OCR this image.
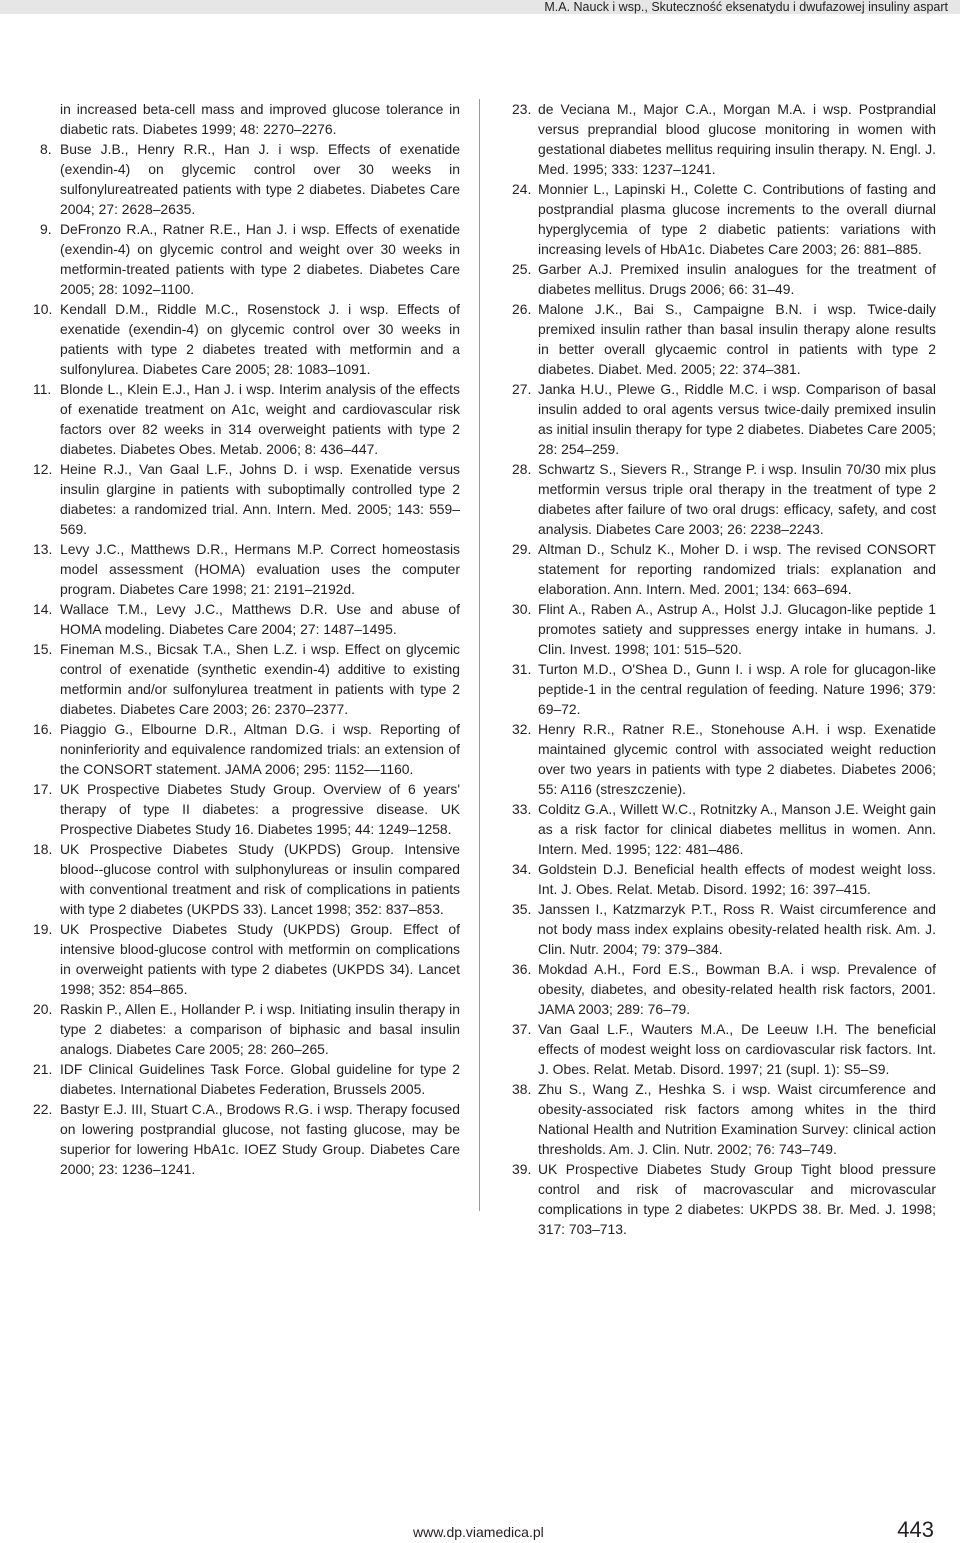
M.A. Nauck i wsp., Skuteczność eksenatydu i dwufazowej insuliny aspart

in increased beta-cell mass and improved glucose tolerance in diabetic rats. Diabetes 1999; 48: 2270–2276.

8. Buse J.B., Henry R.R., Han J. i wsp. Effects of exenatide (exendin-4) on glycemic control over 30 weeks in sulfonylureatreated patients with type 2 diabetes. Diabetes Care 2004; 27: 2628–2635.

9. DeFronzo R.A., Ratner R.E., Han J. i wsp. Effects of exenatide (exendin-4) on glycemic control and weight over 30 weeks in metformin-treated patients with type 2 diabetes. Diabetes Care 2005; 28: 1092–1100.

10. Kendall D.M., Riddle M.C., Rosenstock J. i wsp. Effects of exenatide (exendin-4) on glycemic control over 30 weeks in patients with type 2 diabetes treated with metformin and a sulfonylurea. Diabetes Care 2005; 28: 1083–1091.

11. Blonde L., Klein E.J., Han J. i wsp. Interim analysis of the effects of exenatide treatment on A1c, weight and cardiovascular risk factors over 82 weeks in 314 overweight patients with type 2 diabetes. Diabetes Obes. Metab. 2006; 8: 436–447.

12. Heine R.J., Van Gaal L.F., Johns D. i wsp. Exenatide versus insulin glargine in patients with suboptimally controlled type 2 diabetes: a randomized trial. Ann. Intern. Med. 2005; 143: 559–569.

13. Levy J.C., Matthews D.R., Hermans M.P. Correct homeostasis model assessment (HOMA) evaluation uses the computer program. Diabetes Care 1998; 21: 2191–2192d.

14. Wallace T.M., Levy J.C., Matthews D.R. Use and abuse of HOMA modeling. Diabetes Care 2004; 27: 1487–1495.

15. Fineman M.S., Bicsak T.A., Shen L.Z. i wsp. Effect on glycemic control of exenatide (synthetic exendin-4) additive to existing metformin and/or sulfonylurea treatment in patients with type 2 diabetes. Diabetes Care 2003; 26: 2370–2377.

16. Piaggio G., Elbourne D.R., Altman D.G. i wsp. Reporting of noninferiority and equivalence randomized trials: an extension of the CONSORT statement. JAMA 2006; 295: 1152––1160.

17. UK Prospective Diabetes Study Group. Overview of 6 years' therapy of type II diabetes: a progressive disease. UK Prospective Diabetes Study 16. Diabetes 1995; 44: 1249–1258.

18. UK Prospective Diabetes Study (UKPDS) Group. Intensive blood--glucose control with sulphonylureas or insulin compared with conventional treatment and risk of complications in patients with type 2 diabetes (UKPDS 33). Lancet 1998; 352: 837–853.

19. UK Prospective Diabetes Study (UKPDS) Group. Effect of intensive blood-glucose control with metformin on complications in overweight patients with type 2 diabetes (UKPDS 34). Lancet 1998; 352: 854–865.

20. Raskin P., Allen E., Hollander P. i wsp. Initiating insulin therapy in type 2 diabetes: a comparison of biphasic and basal insulin analogs. Diabetes Care 2005; 28: 260–265.

21. IDF Clinical Guidelines Task Force. Global guideline for type 2 diabetes. International Diabetes Federation, Brussels 2005.

22. Bastyr E.J. III, Stuart C.A., Brodows R.G. i wsp. Therapy focused on lowering postprandial glucose, not fasting glucose, may be superior for lowering HbA1c. IOEZ Study Group. Diabetes Care 2000; 23: 1236–1241.

23. de Veciana M., Major C.A., Morgan M.A. i wsp. Postprandial versus preprandial blood glucose monitoring in women with gestational diabetes mellitus requiring insulin therapy. N. Engl. J. Med. 1995; 333: 1237–1241.

24. Monnier L., Lapinski H., Colette C. Contributions of fasting and postprandial plasma glucose increments to the overall diurnal hyperglycemia of type 2 diabetic patients: variations with increasing levels of HbA1c. Diabetes Care 2003; 26: 881–885.

25. Garber A.J. Premixed insulin analogues for the treatment of diabetes mellitus. Drugs 2006; 66: 31–49.

26. Malone J.K., Bai S., Campaigne B.N. i wsp. Twice-daily premixed insulin rather than basal insulin therapy alone results in better overall glycaemic control in patients with type 2 diabetes. Diabet. Med. 2005; 22: 374–381.

27. Janka H.U., Plewe G., Riddle M.C. i wsp. Comparison of basal insulin added to oral agents versus twice-daily premixed insulin as initial insulin therapy for type 2 diabetes. Diabetes Care 2005; 28: 254–259.

28. Schwartz S., Sievers R., Strange P. i wsp. Insulin 70/30 mix plus metformin versus triple oral therapy in the treatment of type 2 diabetes after failure of two oral drugs: efficacy, safety, and cost analysis. Diabetes Care 2003; 26: 2238–2243.

29. Altman D., Schulz K., Moher D. i wsp. The revised CONSORT statement for reporting randomized trials: explanation and elaboration. Ann. Intern. Med. 2001; 134: 663–694.

30. Flint A., Raben A., Astrup A., Holst J.J. Glucagon-like peptide 1 promotes satiety and suppresses energy intake in humans. J. Clin. Invest. 1998; 101: 515–520.

31. Turton M.D., O'Shea D., Gunn I. i wsp. A role for glucagon-like peptide-1 in the central regulation of feeding. Nature 1996; 379: 69–72.

32. Henry R.R., Ratner R.E., Stonehouse A.H. i wsp. Exenatide maintained glycemic control with associated weight reduction over two years in patients with type 2 diabetes. Diabetes 2006; 55: A116 (streszczenie).

33. Colditz G.A., Willett W.C., Rotnitzky A., Manson J.E. Weight gain as a risk factor for clinical diabetes mellitus in women. Ann. Intern. Med. 1995; 122: 481–486.

34. Goldstein D.J. Beneficial health effects of modest weight loss. Int. J. Obes. Relat. Metab. Disord. 1992; 16: 397–415.

35. Janssen I., Katzmarzyk P.T., Ross R. Waist circumference and not body mass index explains obesity-related health risk. Am. J. Clin. Nutr. 2004; 79: 379–384.

36. Mokdad A.H., Ford E.S., Bowman B.A. i wsp. Prevalence of obesity, diabetes, and obesity-related health risk factors, 2001. JAMA 2003; 289: 76–79.

37. Van Gaal L.F., Wauters M.A., De Leeuw I.H. The beneficial effects of modest weight loss on cardiovascular risk factors. Int. J. Obes. Relat. Metab. Disord. 1997; 21 (supl. 1): S5–S9.

38. Zhu S., Wang Z., Heshka S. i wsp. Waist circumference and obesity-associated risk factors among whites in the third National Health and Nutrition Examination Survey: clinical action thresholds. Am. J. Clin. Nutr. 2002; 76: 743–749.

39. UK Prospective Diabetes Study Group Tight blood pressure control and risk of macrovascular and microvascular complications in type 2 diabetes: UKPDS 38. Br. Med. J. 1998; 317: 703–713.

www.dp.viamedica.pl	443
